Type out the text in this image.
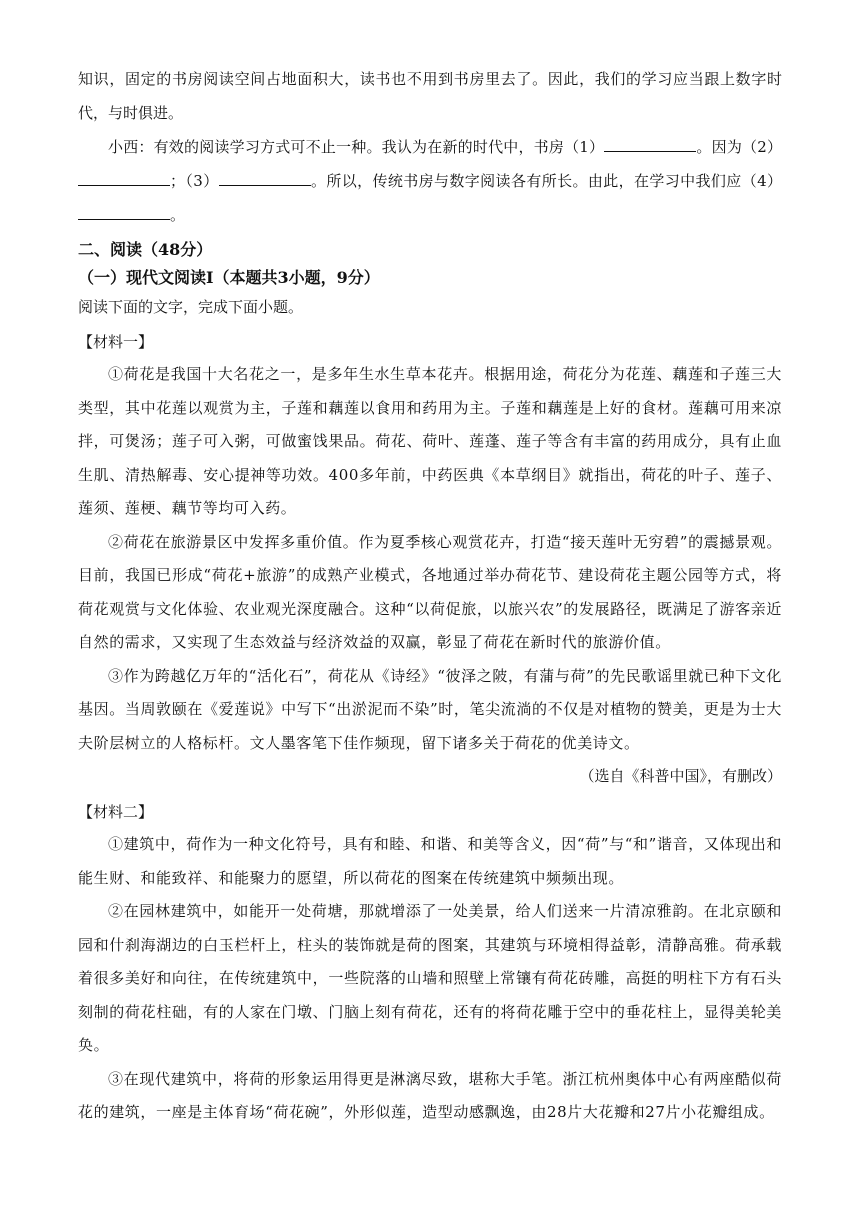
知识，固定的书房阅读空间占地面积大，读书也不用到书房里去了。因此，我们的学习应当跟上数字时代，与时俱进。

小西：有效的阅读学习方式可不止一种。我认为在新的时代中，书房（1）	。因为（2）；（3）	。所以，传统书房与数字阅读各有所长。由此，在学习中我们应（4）。

二、阅读（48分）
（一）现代文阅读Ⅰ（本题共3小题，9分）

阅读下面的文字，完成下面小题。

【材料一】

①荷花是我国十大名花之一，是多年生水生草本花卉。根据用途，荷花分为花莲、藕莲和子莲三大类型，其中花莲以观赏为主，子莲和藕莲以食用和药用为主。子莲和藕莲是上好的食材。莲藕可用来凉拌，可煲汤；莲子可入粥，可做蜜饯果品。荷花、荷叶、莲蓬、莲子等含有丰富的药用成分，具有止血生肌、清热解毒、安心提神等功效。400多年前，中药医典《本草纲目》就指出，荷花的叶子、莲子、莲须、莲梗、藕节等均可入药。

②荷花在旅游景区中发挥多重价值。作为夏季核心观赏花卉，打造“接天莲叶无穷碧”的震撼景观。目前，我国已形成“荷花+旅游”的成熟产业模式，各地通过举办荷花节、建设荷花主题公园等方式，将荷花观赏与文化体验、农业观光深度融合。这种“以荷促旅，以旅兴农”的发展路径，既满足了游客亲近自然的需求，又实现了生态效益与经济效益的双赢，彰显了荷花在新时代的旅游价值。

③作为跨越亿万年的“活化石”，荷花从《诗经》“彼泽之陂，有蒲与荷”的先民歌谣里就已种下文化基因。当周敦颐在《爱莲说》中写下“出淤泥而不染”时，笔尖流淌的不仅是对植物的赞美，更是为士大夫阶层树立的人格标杆。文人墨客笔下佳作频现，留下诸多关于荷花的优美诗文。

（选自《科普中国》，有删改）

【材料二】

①建筑中，荷作为一种文化符号，具有和睦、和谐、和美等含义，因“荷”与“和”谐音，又体现出和能生财、和能致祥、和能聚力的愿望，所以荷花的图案在传统建筑中频频出现。

②在园林建筑中，如能开一处荷塘，那就增添了一处美景，给人们送来一片清凉雅韵。在北京颐和园和什刹海湖边的白玉栏杆上，柱头的装饰就是荷的图案，其建筑与环境相得益彰，清静高雅。荷承载着很多美好和向往，在传统建筑中，一些院落的山墙和照壁上常镶有荷花砖雕，高挺的明柱下方有石头刻制的荷花柱础，有的人家在门墩、门脑上刻有荷花，还有的将荷花雕于空中的垂花柱上，显得美轮美奂。

③在现代建筑中，将荷的形象运用得更是淋漓尽致，堪称大手笔。浙江杭州奥体中心有两座酷似荷花的建筑，一座是主体育场“荷花碗”，外形似莲，造型动感飘逸，由28片大花瓣和27片小花瓣组成。
